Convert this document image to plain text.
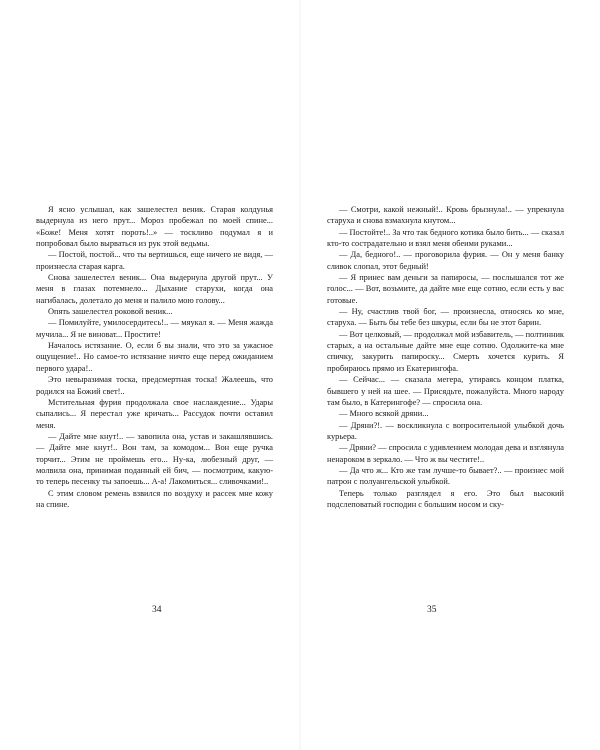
Я ясно услышал, как зашелестел веник. Старая колдунья выдернула из него прут... Мороз пробежал по моей спине... «Боже! Меня хотят пороть!..» — тоскливо подумал я и попробовал было вырваться из рук этой ведьмы.

— Постой, постой... что ты вертишься, еще ничего не видя, — произнесла старая карга.

Снова зашелестел веник... Она выдернула другой прут... У меня в глазах потемнело... Дыхание старухи, когда она нагибалась, долетало до меня и палило мою голову...

Опять зашелестел роковой веник...

— Помилуйте, умилосердитесь!.. — мяукал я. — Меня жажда мучила... Я не виноват... Простите!

Началось истязание. О, если б вы знали, что это за ужасное ощущение!.. Но самое-то истязание ничто еще перед ожиданием первого удара!..

Это невыразимая тоска, предсмертная тоска! Жалеешь, что родился на Божий свет!..

Мстительная фурия продолжала свое наслаждение... Удары сыпались... Я перестал уже кричать... Рассудок почти оставил меня.

— Дайте мне кнут!.. — завопила она, устав и закашлявшись. — Дайте мне кнут!.. Вон там, за комодом... Вон еще ручка торчит... Этим не проймешь его... Ну-ка, любезный друг, — молвила она, принимая поданный ей бич, — посмотрим, какую-то теперь песенку ты запоешь... А-а! Лакомиться... сливочками!..

С этим словом ремень взвился по воздуху и рассек мне кожу на спине.

34

— Смотри, какой нежный!.. Кровь брызнула!.. — упрекнула старуха и снова взмахнула кнутом...

— Постойте!.. За что так бедного котика было бить... — сказал кто-то сострадательно и взял меня обеими руками...

— Да, бедного!.. — проговорила фурия. — Он у меня банку сливок слопал, этот бедный!

— Я принес вам деньги за папиросы, — послышался тот же голос... — Вот, возьмите, да дайте мне еще сотню, если есть у вас готовые.

— Ну, счастлив твой бог, — произнесла, относясь ко мне, старуха. — Быть бы тебе без шкуры, если бы не этот барин.

— Вот целковый, — продолжал мой избавитель, — полтинник старых, а на остальные дайте мне еще сотню. Одолжите-ка мне спичку, закурить папироску... Смерть хочется курить. Я пробираюсь прямо из Екатерингофа.

— Сейчас... — сказала мегера, утираясь концом платка, бывшего у ней на шее. — Присядьте, пожалуйста. Много народу там было, в Катерингофе? — спросила она.

— Много всякой дряни...

— Дряни?!. — воскликнула с вопросительной улыбкой дочь курьера.

— Дряни? — спросила с удивлением молодая дева и взглянула ненароком в зеркало. — Что ж вы честите!..

— Да что ж... Кто же там лучше-то бывает?.. — произнес мой патрон с полуангельской улыбкой.

Теперь только разглядел я его. Это был высокий подслеповатый господин с большим носом и ску-

35
